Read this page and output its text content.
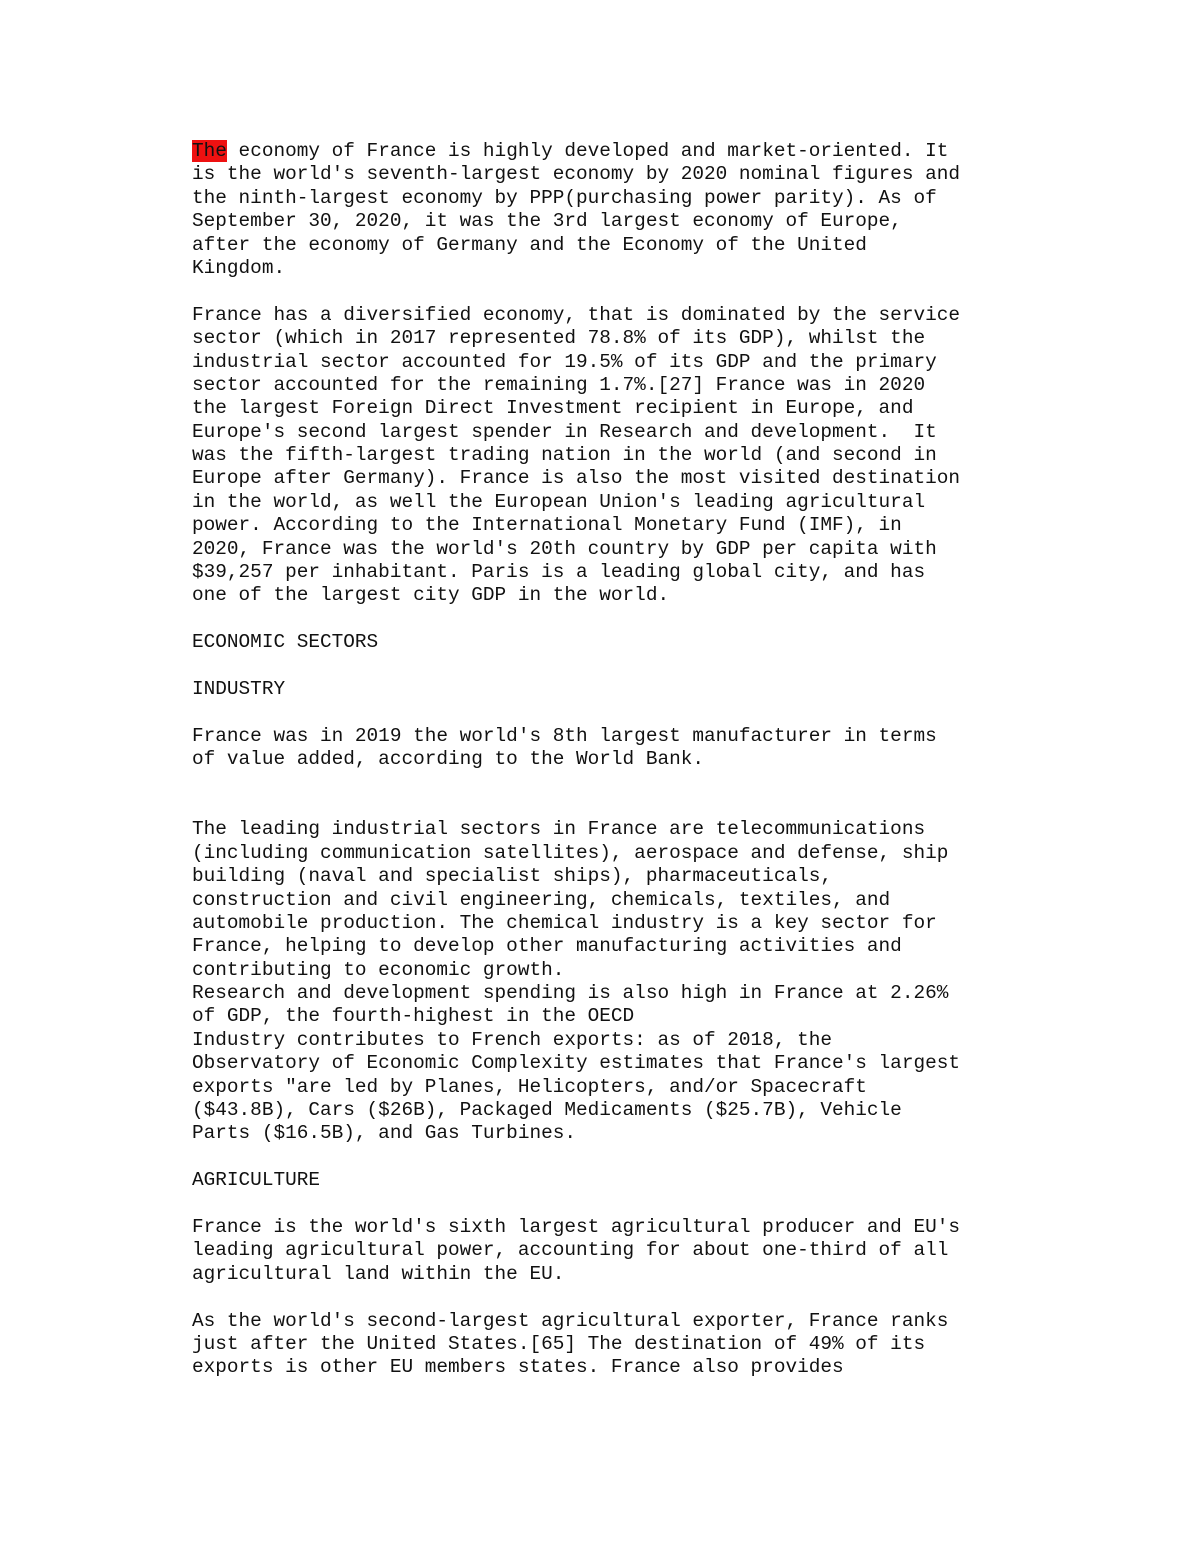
The economy of France is highly developed and market-oriented. It
is the world's seventh-largest economy by 2020 nominal figures and
the ninth-largest economy by PPP(purchasing power parity). As of
September 30, 2020, it was the 3rd largest economy of Europe,
after the economy of Germany and the Economy of the United
Kingdom.
France has a diversified economy, that is dominated by the service
sector (which in 2017 represented 78.8% of its GDP), whilst the
industrial sector accounted for 19.5% of its GDP and the primary
sector accounted for the remaining 1.7%.[27] France was in 2020
the largest Foreign Direct Investment recipient in Europe, and
Europe's second largest spender in Research and development.  It
was the fifth-largest trading nation in the world (and second in
Europe after Germany). France is also the most visited destination
in the world, as well the European Union's leading agricultural
power. According to the International Monetary Fund (IMF), in
2020, France was the world's 20th country by GDP per capita with
$39,257 per inhabitant. Paris is a leading global city, and has
one of the largest city GDP in the world.
ECONOMIC SECTORS
INDUSTRY
France was in 2019 the world's 8th largest manufacturer in terms
of value added, according to the World Bank.
The leading industrial sectors in France are telecommunications
(including communication satellites), aerospace and defense, ship
building (naval and specialist ships), pharmaceuticals,
construction and civil engineering, chemicals, textiles, and
automobile production. The chemical industry is a key sector for
France, helping to develop other manufacturing activities and
contributing to economic growth.
Research and development spending is also high in France at 2.26%
of GDP, the fourth-highest in the OECD
Industry contributes to French exports: as of 2018, the
Observatory of Economic Complexity estimates that France's largest
exports "are led by Planes, Helicopters, and/or Spacecraft
($43.8B), Cars ($26B), Packaged Medicaments ($25.7B), Vehicle
Parts ($16.5B), and Gas Turbines.
AGRICULTURE
France is the world's sixth largest agricultural producer and EU's
leading agricultural power, accounting for about one-third of all
agricultural land within the EU.
As the world's second-largest agricultural exporter, France ranks
just after the United States.[65] The destination of 49% of its
exports is other EU members states. France also provides
